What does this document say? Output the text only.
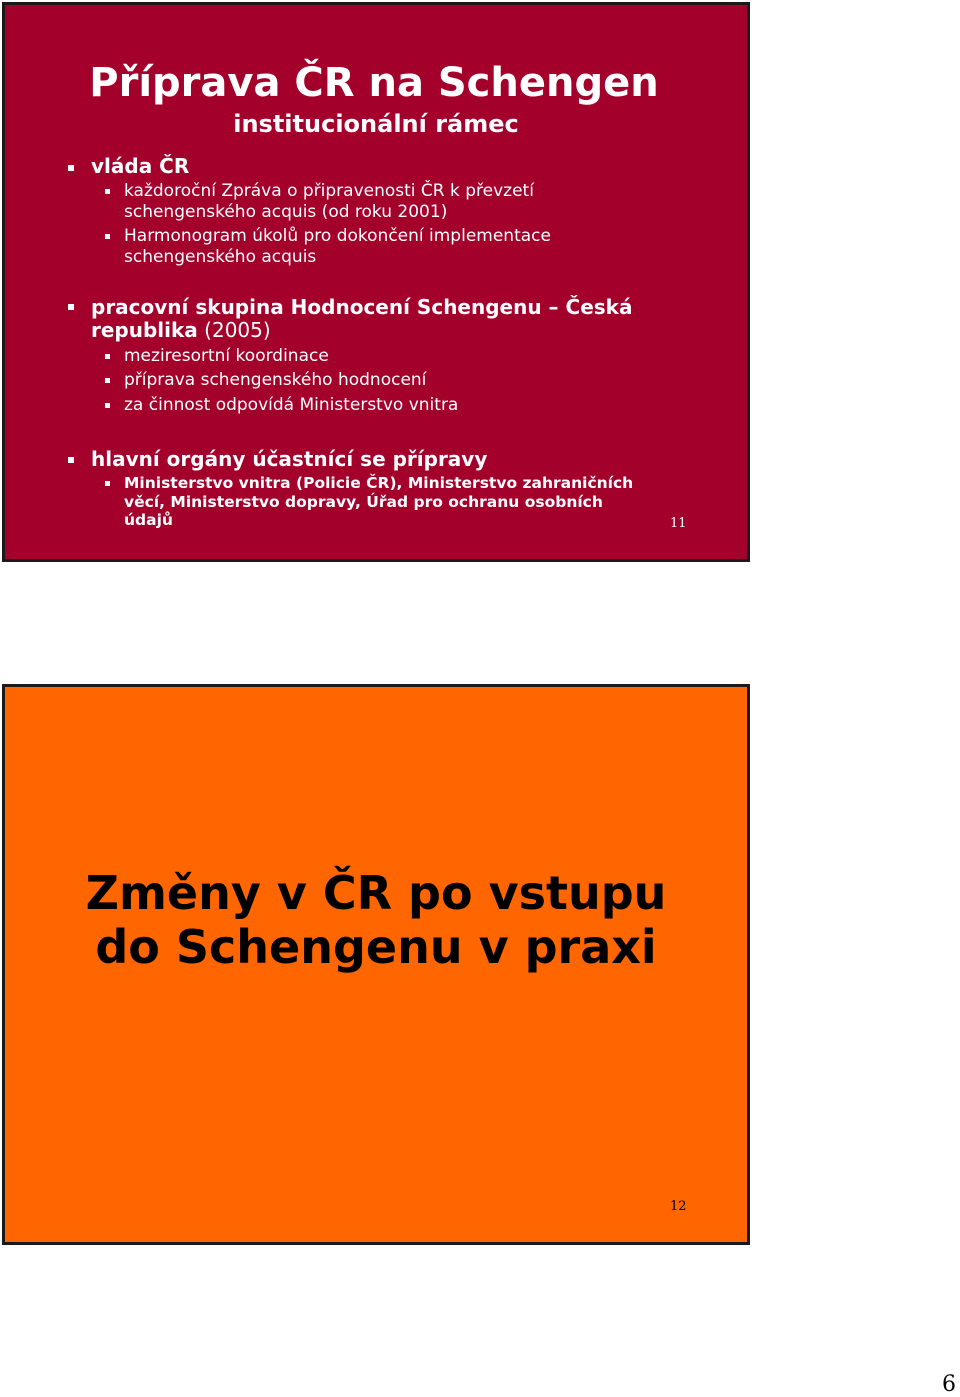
Příprava ČR na Schengen
institucionální rámec
vláda ČR
každoroční Zpráva o připravenosti ČR k převzetí
schengenského acquis (od roku 2001)
Harmonogram úkolů pro dokončení implementace
schengenského acquis
pracovní skupina Hodnocení Schengenu – Česká
republika (2005)
meziresortní koordinace
příprava schengenského hodnocení
za činnost odpovídá Ministerstvo vnitra
hlavní orgány účastnící se přípravy
Ministerstvo vnitra (Policie ČR), Ministerstvo zahraničních
věcí, Ministerstvo dopravy, Úřad pro ochranu osobních
údajů	11
Změny v ČR po vstupu
do Schengenu v praxi
12
6
